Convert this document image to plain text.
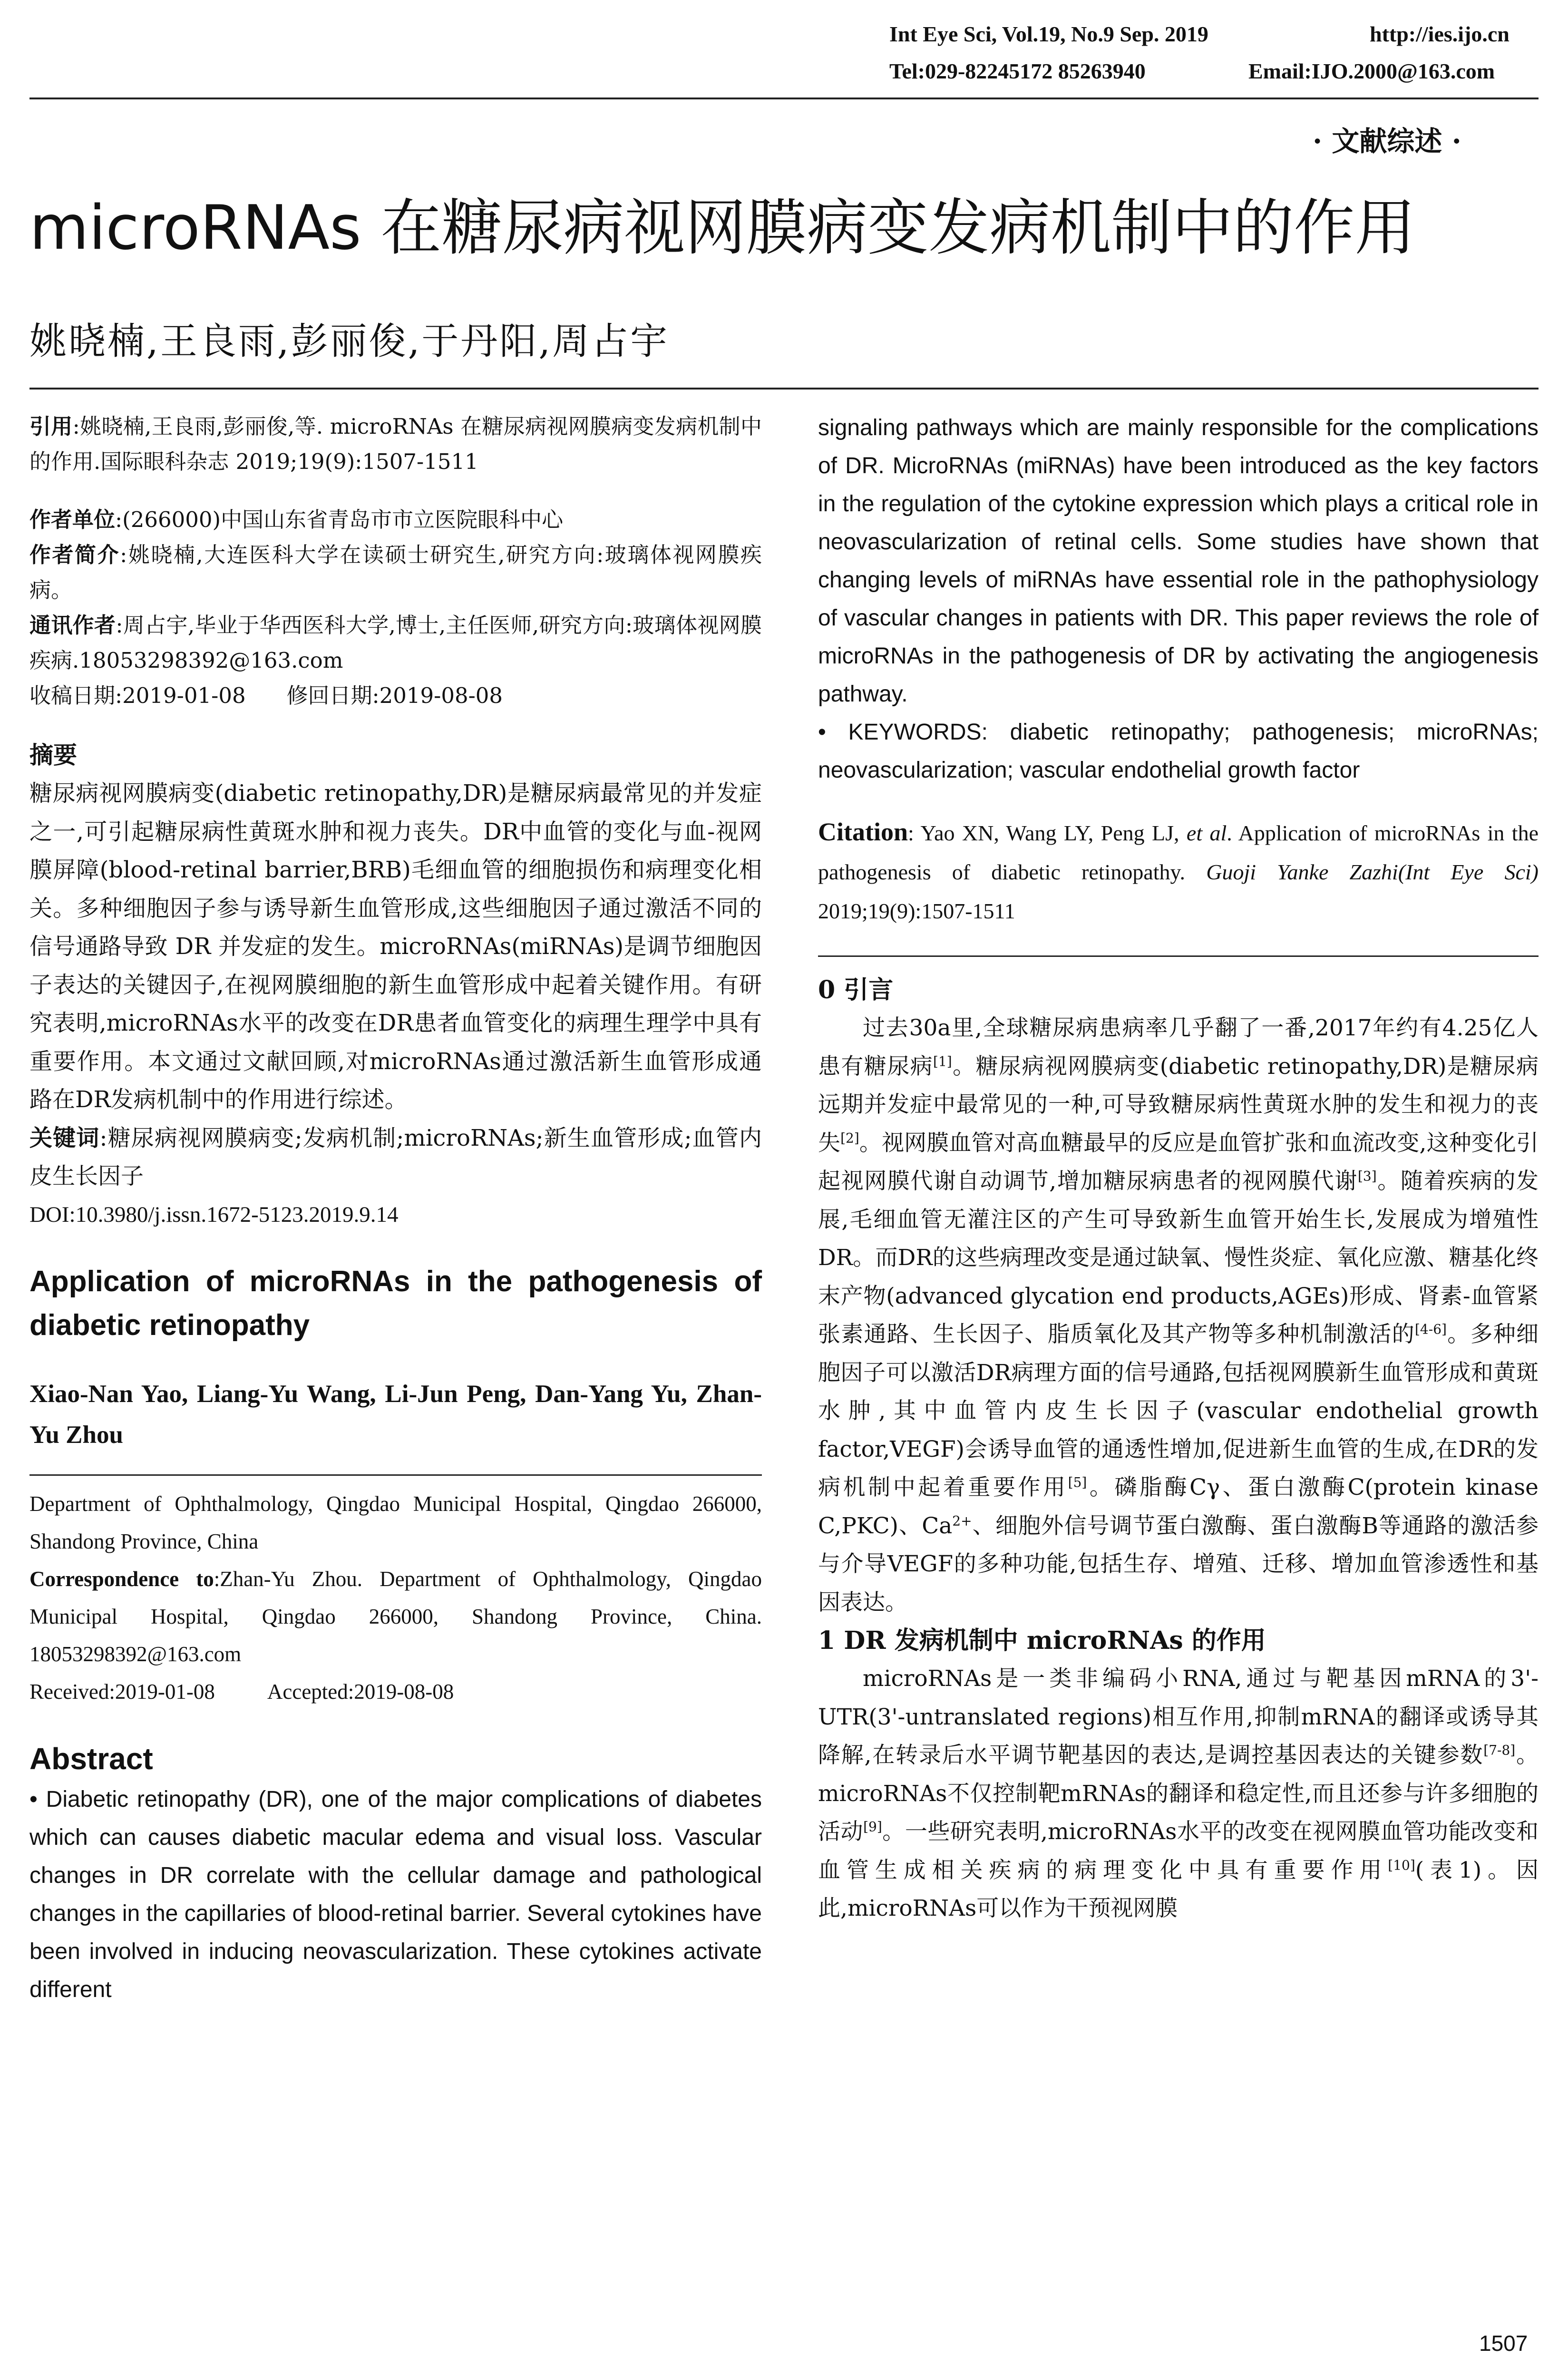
Int Eye Sci, Vol.19, No.9 Sep. 2019	http://ies.ijo.cn
Tel:029-82245172 85263940	Email:IJO.2000@163.com
· 文献综述 ·
microRNAs 在糖尿病视网膜病变发病机制中的作用
姚晓楠,王良雨,彭丽俊,于丹阳,周占宇
引用:姚晓楠,王良雨,彭丽俊,等. microRNAs 在糖尿病视网膜病变发病机制中的作用.国际眼科杂志 2019;19(9):1507-1511
作者单位:(266000)中国山东省青岛市市立医院眼科中心
作者简介:姚晓楠,大连医科大学在读硕士研究生,研究方向:玻璃体视网膜疾病。
通讯作者:周占宇,毕业于华西医科大学,博士,主任医师,研究方向:玻璃体视网膜疾病.18053298392@163.com
收稿日期:2019-01-08      修回日期:2019-08-08
摘要
糖尿病视网膜病变(diabetic retinopathy,DR)是糖尿病最常见的并发症之一,可引起糖尿病性黄斑水肿和视力丧失。DR中血管的变化与血-视网膜屏障(blood-retinal barrier,BRB)毛细血管的细胞损伤和病理变化相关。多种细胞因子参与诱导新生血管形成,这些细胞因子通过激活不同的信号通路导致 DR 并发症的发生。microRNAs(miRNAs)是调节细胞因子表达的关键因子,在视网膜细胞的新生血管形成中起着关键作用。有研究表明,microRNAs水平的改变在DR患者血管变化的病理生理学中具有重要作用。本文通过文献回顾,对microRNAs通过激活新生血管形成通路在DR发病机制中的作用进行综述。
关键词:糖尿病视网膜病变;发病机制;microRNAs;新生血管形成;血管内皮生长因子
DOI:10.3980/j.issn.1672-5123.2019.9.14
Application of microRNAs in the pathogenesis of diabetic retinopathy
Xiao-Nan Yao, Liang-Yu Wang, Li-Jun Peng, Dan-Yang Yu, Zhan-Yu Zhou
Department of Ophthalmology, Qingdao Municipal Hospital, Qingdao 266000, Shandong Province, China
Correspondence to:Zhan-Yu Zhou. Department of Ophthalmology, Qingdao Municipal Hospital, Qingdao 266000, Shandong Province, China. 18053298392@163.com
Received:2019-01-08 Accepted:2019-08-08
Abstract
• Diabetic retinopathy (DR), one of the major complications of diabetes which can causes diabetic macular edema and visual loss. Vascular changes in DR correlate with the cellular damage and pathological changes in the capillaries of blood-retinal barrier. Several cytokines have been involved in inducing neovascularization. These cytokines activate different
signaling pathways which are mainly responsible for the complications of DR. MicroRNAs (miRNAs) have been introduced as the key factors in the regulation of the cytokine expression which plays a critical role in neovascularization of retinal cells. Some studies have shown that changing levels of miRNAs have essential role in the pathophysiology of vascular changes in patients with DR. This paper reviews the role of microRNAs in the pathogenesis of DR by activating the angiogenesis pathway.
• KEYWORDS: diabetic retinopathy; pathogenesis; microRNAs; neovascularization; vascular endothelial growth factor
Citation: Yao XN, Wang LY, Peng LJ, et al. Application of microRNAs in the pathogenesis of diabetic retinopathy. Guoji Yanke Zazhi(Int Eye Sci) 2019;19(9):1507-1511
0 引言
过去30a里,全球糖尿病患病率几乎翻了一番,2017年约有4.25亿人患有糖尿病[1]。糖尿病视网膜病变(diabetic retinopathy,DR)是糖尿病远期并发症中最常见的一种,可导致糖尿病性黄斑水肿的发生和视力的丧失[2]。视网膜血管对高血糖最早的反应是血管扩张和血流改变,这种变化引起视网膜代谢自动调节,增加糖尿病患者的视网膜代谢[3]。随着疾病的发展,毛细血管无灌注区的产生可导致新生血管开始生长,发展成为增殖性DR。而DR的这些病理改变是通过缺氧、慢性炎症、氧化应激、糖基化终末产物(advanced glycation end products,AGEs)形成、肾素-血管紧张素通路、生长因子、脂质氧化及其产物等多种机制激活的[4-6]。多种细胞因子可以激活DR病理方面的信号通路,包括视网膜新生血管形成和黄斑水肿,其中血管内皮生长因子(vascular endothelial growth factor,VEGF)会诱导血管的通透性增加,促进新生血管的生成,在DR的发病机制中起着重要作用[5]。磷脂酶Cγ、蛋白激酶C(protein kinase C,PKC)、$Ca^{2+}$、细胞外信号调节蛋白激酶、蛋白激酶B等通路的激活参与介导VEGF的多种功能,包括生存、增殖、迁移、增加血管渗透性和基因表达。
1 DR 发病机制中 microRNAs 的作用
microRNAs是一类非编码小RNA,通过与靶基因mRNA的3'-UTR(3'-untranslated regions)相互作用,抑制mRNA的翻译或诱导其降解,在转录后水平调节靶基因的表达,是调控基因表达的关键参数[7-8]。microRNAs不仅控制靶mRNAs的翻译和稳定性,而且还参与许多细胞的活动[9]。一些研究表明,microRNAs水平的改变在视网膜血管功能改变和血管生成相关疾病的病理变化中具有重要作用[10](表1)。因此,microRNAs可以作为干预视网膜
1507
